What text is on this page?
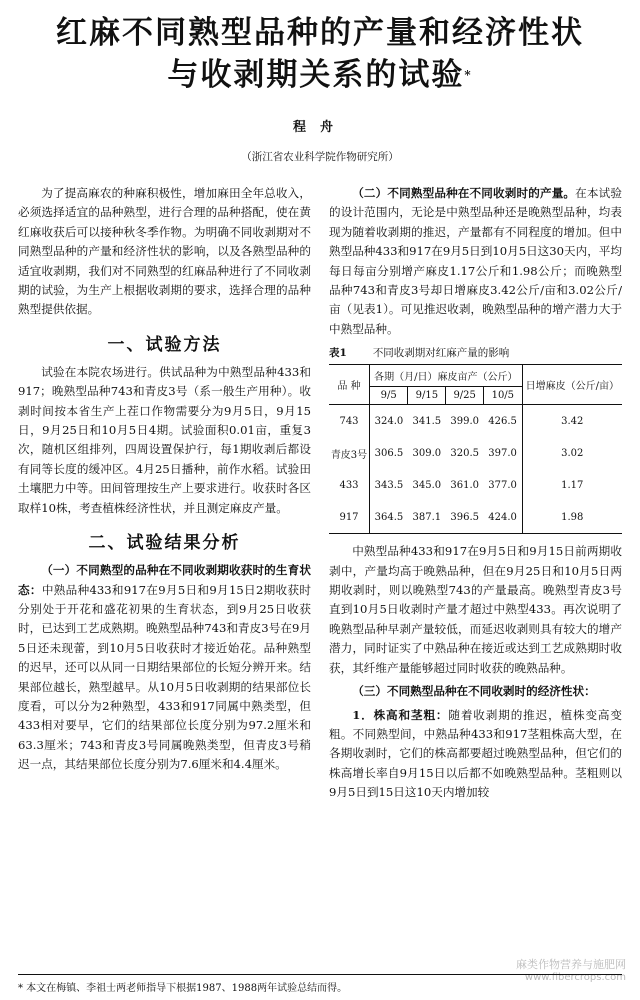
红麻不同熟型品种的产量和经济性状
与收剥期关系的试验*
程舟
（浙江省农业科学院作物研究所）

为了提高麻农的种麻积极性，增加麻田全年总收入，必须选择适宜的品种熟型，进行合理的品种搭配，使在黄红麻收获后可以接种秋冬季作物。为明确不同收剥期对不同熟型品种的产量和经济性状的影响，以及各熟型品种的适宜收剥期，我们对不同熟型的红麻品种进行了不同收剥期的试验，为生产上根据收剥期的要求，选择合理的品种熟型提供依据。

一、试验方法

试验在本院农场进行。供试品种为中熟型品种433和917；晚熟型品种743和青皮3号（系一般生产用种）。收剥时间按本省生产上茬口作物需要分为9月5日，9月15日，9月25日和10月5日4期。试验面积0.01亩，重复3次，随机区组排列，四周设置保护行，每1期收剥后都设有同等长度的缓冲区。4月25日播种，前作水稻。试验田土壤肥力中等。田间管理按生产上要求进行。收获时各区取样10株，考查植株经济性状，并且测定麻皮产量。

二、试验结果分析

（一）不同熟型的品种在不同收剥期收获时的生育状态：中熟品种433和917在9月5日和9月15日2期收获时分别处于开花和盛花初果的生育状态，到9月25日收获时，已达到工艺成熟期。晚熟型品种743和青皮3号在9月5日还未现蕾，到10月5日收获时才接近始花。品种熟型的迟早，还可以从同一日期结果部位的长短分辨开来。结果部位越长，熟型越早。从10月5日收剥期的结果部位长度看，可以分为2种熟型，433和917同属中熟类型，但433相对要早，它们的结果部位长度分别为97.2厘米和63.3厘米；743和青皮3号同属晚熟类型，但青皮3号稍迟一点，其结果部位长度分别为7.6厘米和4.4厘米。

（二）不同熟型品种在不同收剥时的产量。在本试验的设计范围内，无论是中熟型品种还是晚熟型品种，均表现为随着收剥期的推迟，产量都有不同程度的增加。但中熟型品种433和917在9月5日到10月5日这30天内，平均每日每亩分别增产麻皮1.17公斤和1.98公斤；而晚熟型品种743和青皮3号却日增麻皮3.42公斤/亩和3.02公斤/亩（见表1）。可见推迟收剥，晚熟型品种的增产潜力大于中熟型品种。

表1 不同收剥期对红麻产量的影响
品 种	各期（月/日）麻皮亩产（公斤）				日增麻皮（公斤/亩）
	9/5	9/15	9/25	10/5	
743	324.0	341.5	399.0	426.5	3.42
青皮3号	306.5	309.0	320.5	397.0	3.02
433	343.5	345.0	361.0	377.0	1.17
917	364.5	387.1	396.5	424.0	1.98

中熟型品种433和917在9月5日和9月15日前两期收剥中，产量均高于晚熟品种，但在9月25日和10月5日两期收剥时，则以晚熟型743的产量最高。晚熟型青皮3号直到10月5日收剥时产量才超过中熟型433。再次说明了晚熟型品种早剥产量较低，而延迟收剥则具有较大的增产潜力，同时证实了中熟品种在接近或达到工艺成熟期时收获，其纤维产量能够超过同时收获的晚熟品种。

（三）不同熟型品种在不同收剥时的经济性状：

1．株高和茎粗：随着收剥期的推迟，植株变高变粗。不同熟型间，中熟品种433和917茎粗株高大型，在各期收剥时，它们的株高都要超过晚熟型品种，但它们的株高增长率自9月15日以后都不如晚熟型品种。茎粗则以9月5日到15日这10天内增加较

麻类作物营养与施肥网
www.fibercrops.com
* 本文在梅镇、李祖士两老师指导下根据1987、1988两年试验总结而得。
